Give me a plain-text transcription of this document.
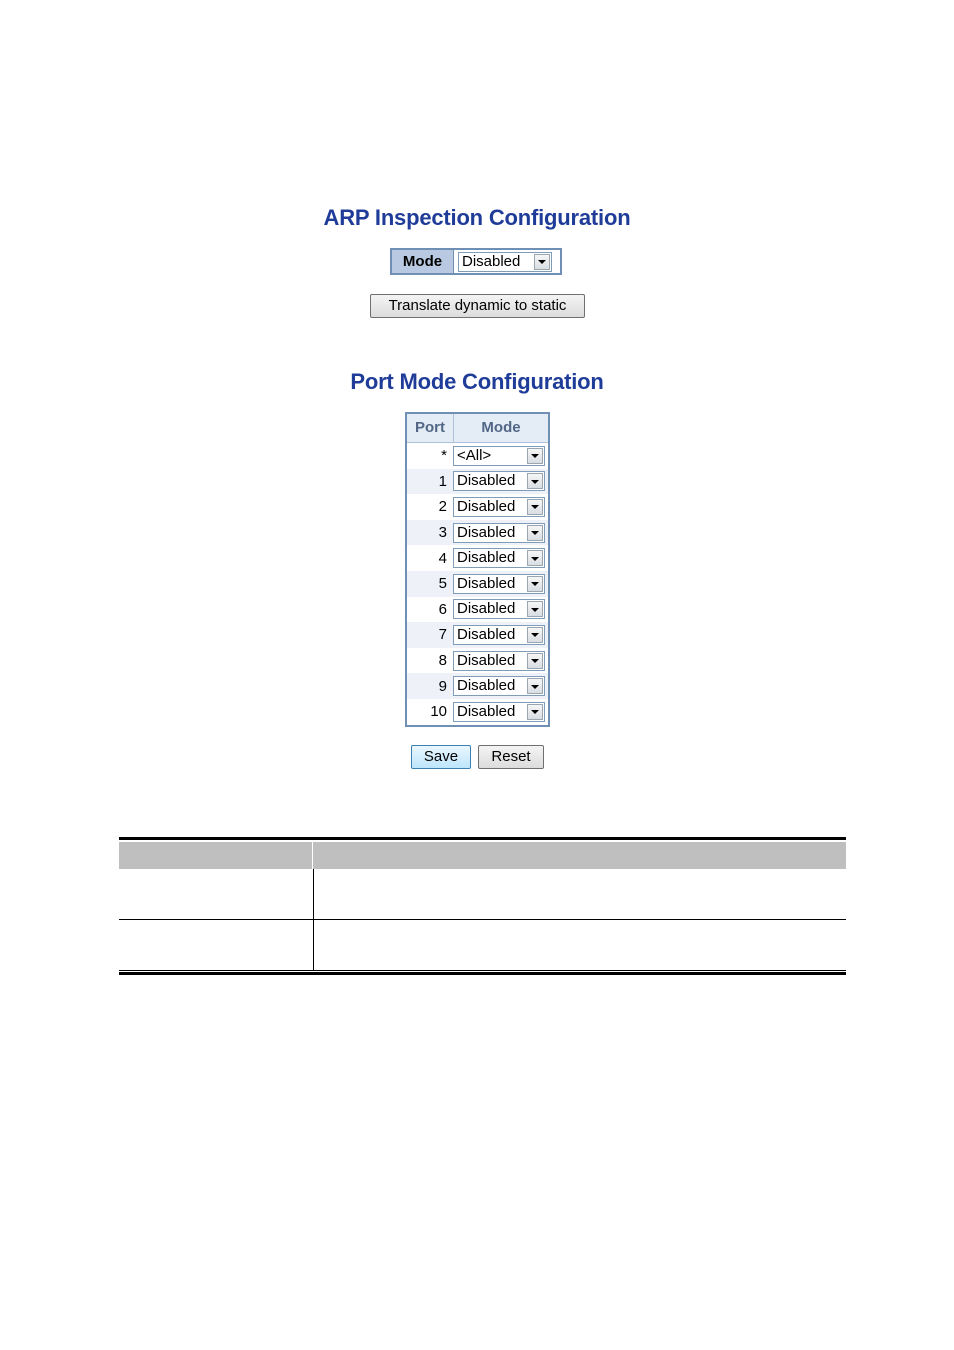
ARP Inspection Configuration
Mode	Disabled
Translate dynamic to static
Port Mode Configuration
Port	Mode
* <All>
1 Disabled
2 Disabled
3 Disabled
4 Disabled
5 Disabled
6 Disabled
7 Disabled
8 Disabled
9 Disabled
10 Disabled
Save	Reset
